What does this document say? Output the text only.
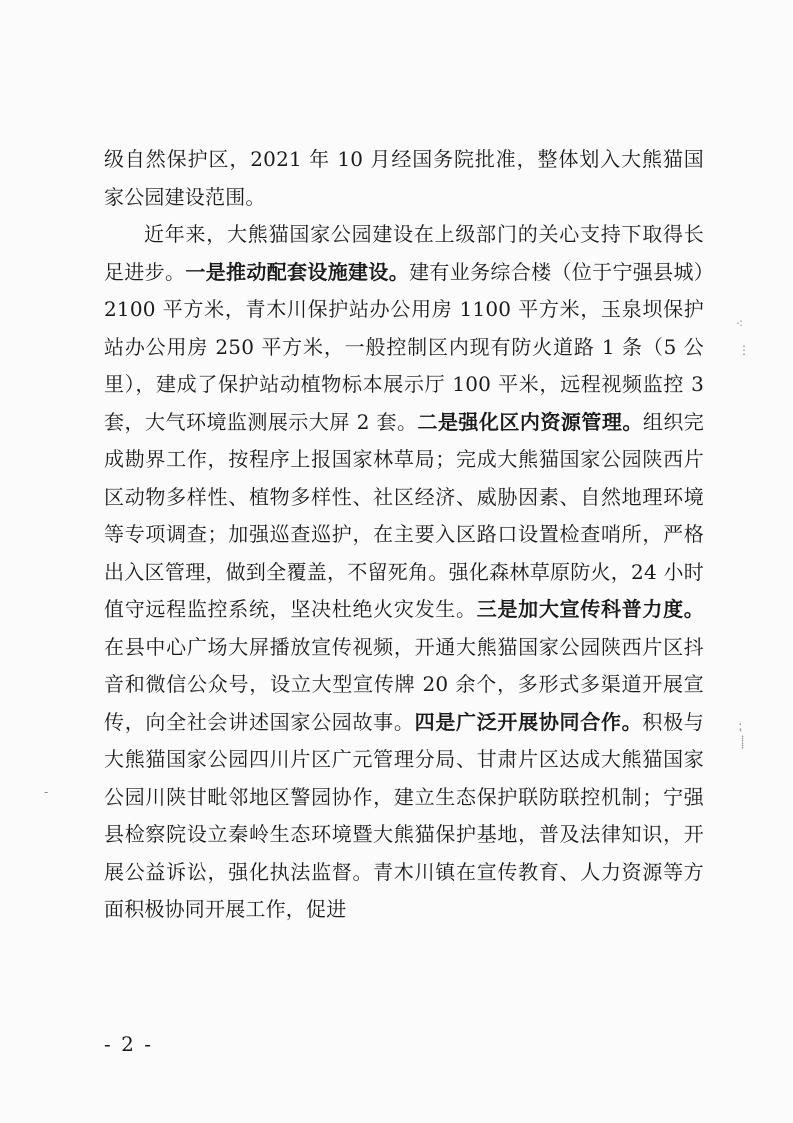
级自然保护区，2021 年 10 月经国务院批准，整体划入大熊猫国家公园建设范围。

近年来，大熊猫国家公园建设在上级部门的关心支持下取得长足进步。一是推动配套设施建设。建有业务综合楼（位于宁强县城）2100 平方米，青木川保护站办公用房 1100 平方米，玉泉坝保护站办公用房 250 平方米，一般控制区内现有防火道路 1 条（5 公里），建成了保护站动植物标本展示厅 100 平米，远程视频监控 3 套，大气环境监测展示大屏 2 套。二是强化区内资源管理。组织完成勘界工作，按程序上报国家林草局；完成大熊猫国家公园陕西片区动物多样性、植物多样性、社区经济、威胁因素、自然地理环境等专项调查；加强巡查巡护，在主要入区路口设置检查哨所，严格出入区管理，做到全覆盖，不留死角。强化森林草原防火，24 小时值守远程监控系统，坚决杜绝火灾发生。三是加大宣传科普力度。在县中心广场大屏播放宣传视频，开通大熊猫国家公园陕西片区抖音和微信公众号，设立大型宣传牌 20 余个，多形式多渠道开展宣传，向全社会讲述国家公园故事。四是广泛开展协同合作。积极与大熊猫国家公园四川片区广元管理分局、甘肃片区达成大熊猫国家公园川陕甘毗邻地区警园协作，建立生态保护联防联控机制；宁强县检察院设立秦岭生态环境暨大熊猫保护基地，普及法律知识，开展公益诉讼，强化执法监督。青木川镇在宣传教育、人力资源等方面积极协同开展工作，促进

- 2 -
⁖
⋮
⁏
⸽
-
